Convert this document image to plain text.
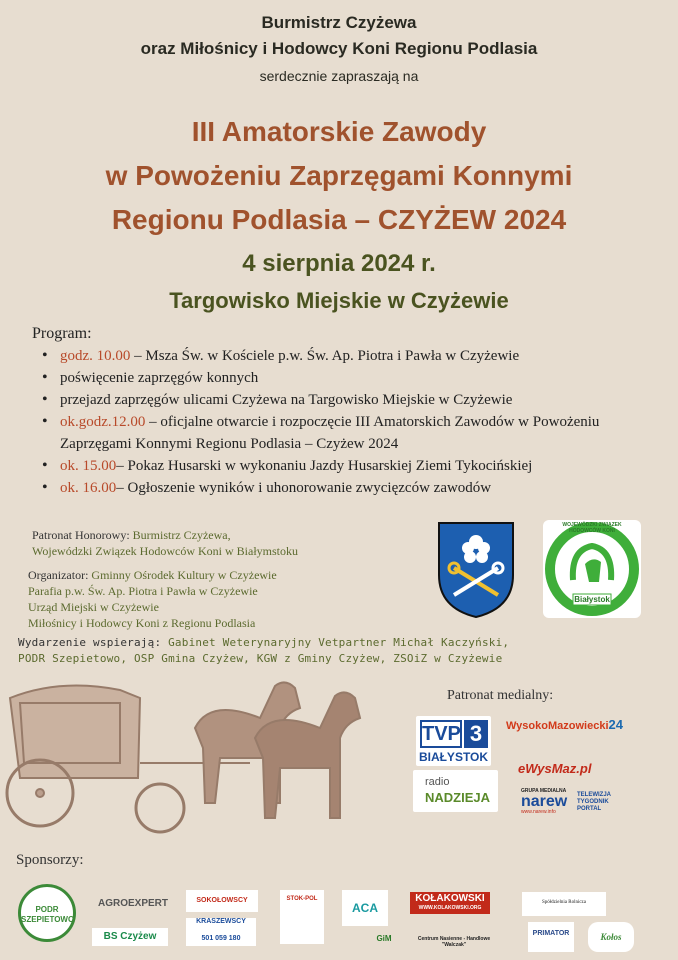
Burmistrz Czyżewa
oraz Miłośnicy i Hodowcy Koni Regionu Podlasia
serdecznie zapraszają na
III Amatorskie Zawody
w Powożeniu Zaprzęgami Konnymi
Regionu Podlasia – CZYŻEW 2024
4 sierpnia 2024 r.
Targowisko Miejskie w Czyżewie
Program:
• godz. 10.00 – Msza Św. w Kościele p.w. Św. Ap. Piotra i Pawła w Czyżewie
• poświęcenie zaprzęgów konnych
• przejazd zaprzęgów ulicami Czyżewa na Targowisko Miejskie w Czyżewie
• ok.godz.12.00 – oficjalne otwarcie i rozpoczęcie III Amatorskich Zawodów w Powożeniu Zaprzęgami Konnymi Regionu Podlasia – Czyżew 2024
• ok. 15.00– Pokaz Husarski w wykonaniu Jazdy Husarskiej Ziemi Tykocińskiej
• ok. 16.00– Ogłoszenie wyników i uhonorowanie zwycięzców zawodów
Patronat Honorowy: Burmistrz Czyżewa,
Wojewódzki Związek Hodowców Koni w Białymstoku
Organizator: Gminny Ośrodek Kultury w Czyżewie
Parafia p.w. Św. Ap. Piotra i Pawła w Czyżewie
Urząd Miejski w Czyżewie
Miłośnicy i Hodowcy Koni z Regionu Podlasia
Wydarzenie wspierają: Gabinet Weterynaryjny Vetpartner Michał Kaczyński,
PODR Szepietowo, OSP Gmina Czyżew, KGW z Gminy Czyżew, ZSOiZ w Czyżewie
Białystok
WOJEWÓDZKI ZWIĄZEK HODOWCÓW KONI
Patronat medialny:
TVP 3
BIAŁYSTOK
WysokoMazowiecki24
radio
NADZIEJA
eWysMaz.pl
GRUPA MEDIALNA
narew TELEWIZJA TYGODNIK PORTAL
www.narew.info
Sponsorzy:
PODR SZEPIETOWO
AGROEXPERT
BS Czyżew
SOKOŁOWSCY
KRASZEWSCY
501 059 180
STOK-POL
ACA
KOŁAKOWSKI
WWW.KOLAKOWSKI.ORG
GiM	Centrum Nasienne - Handlowe "Walczak"
Spółdzielnia Rolnicza
PRIMATOR	Kołos
